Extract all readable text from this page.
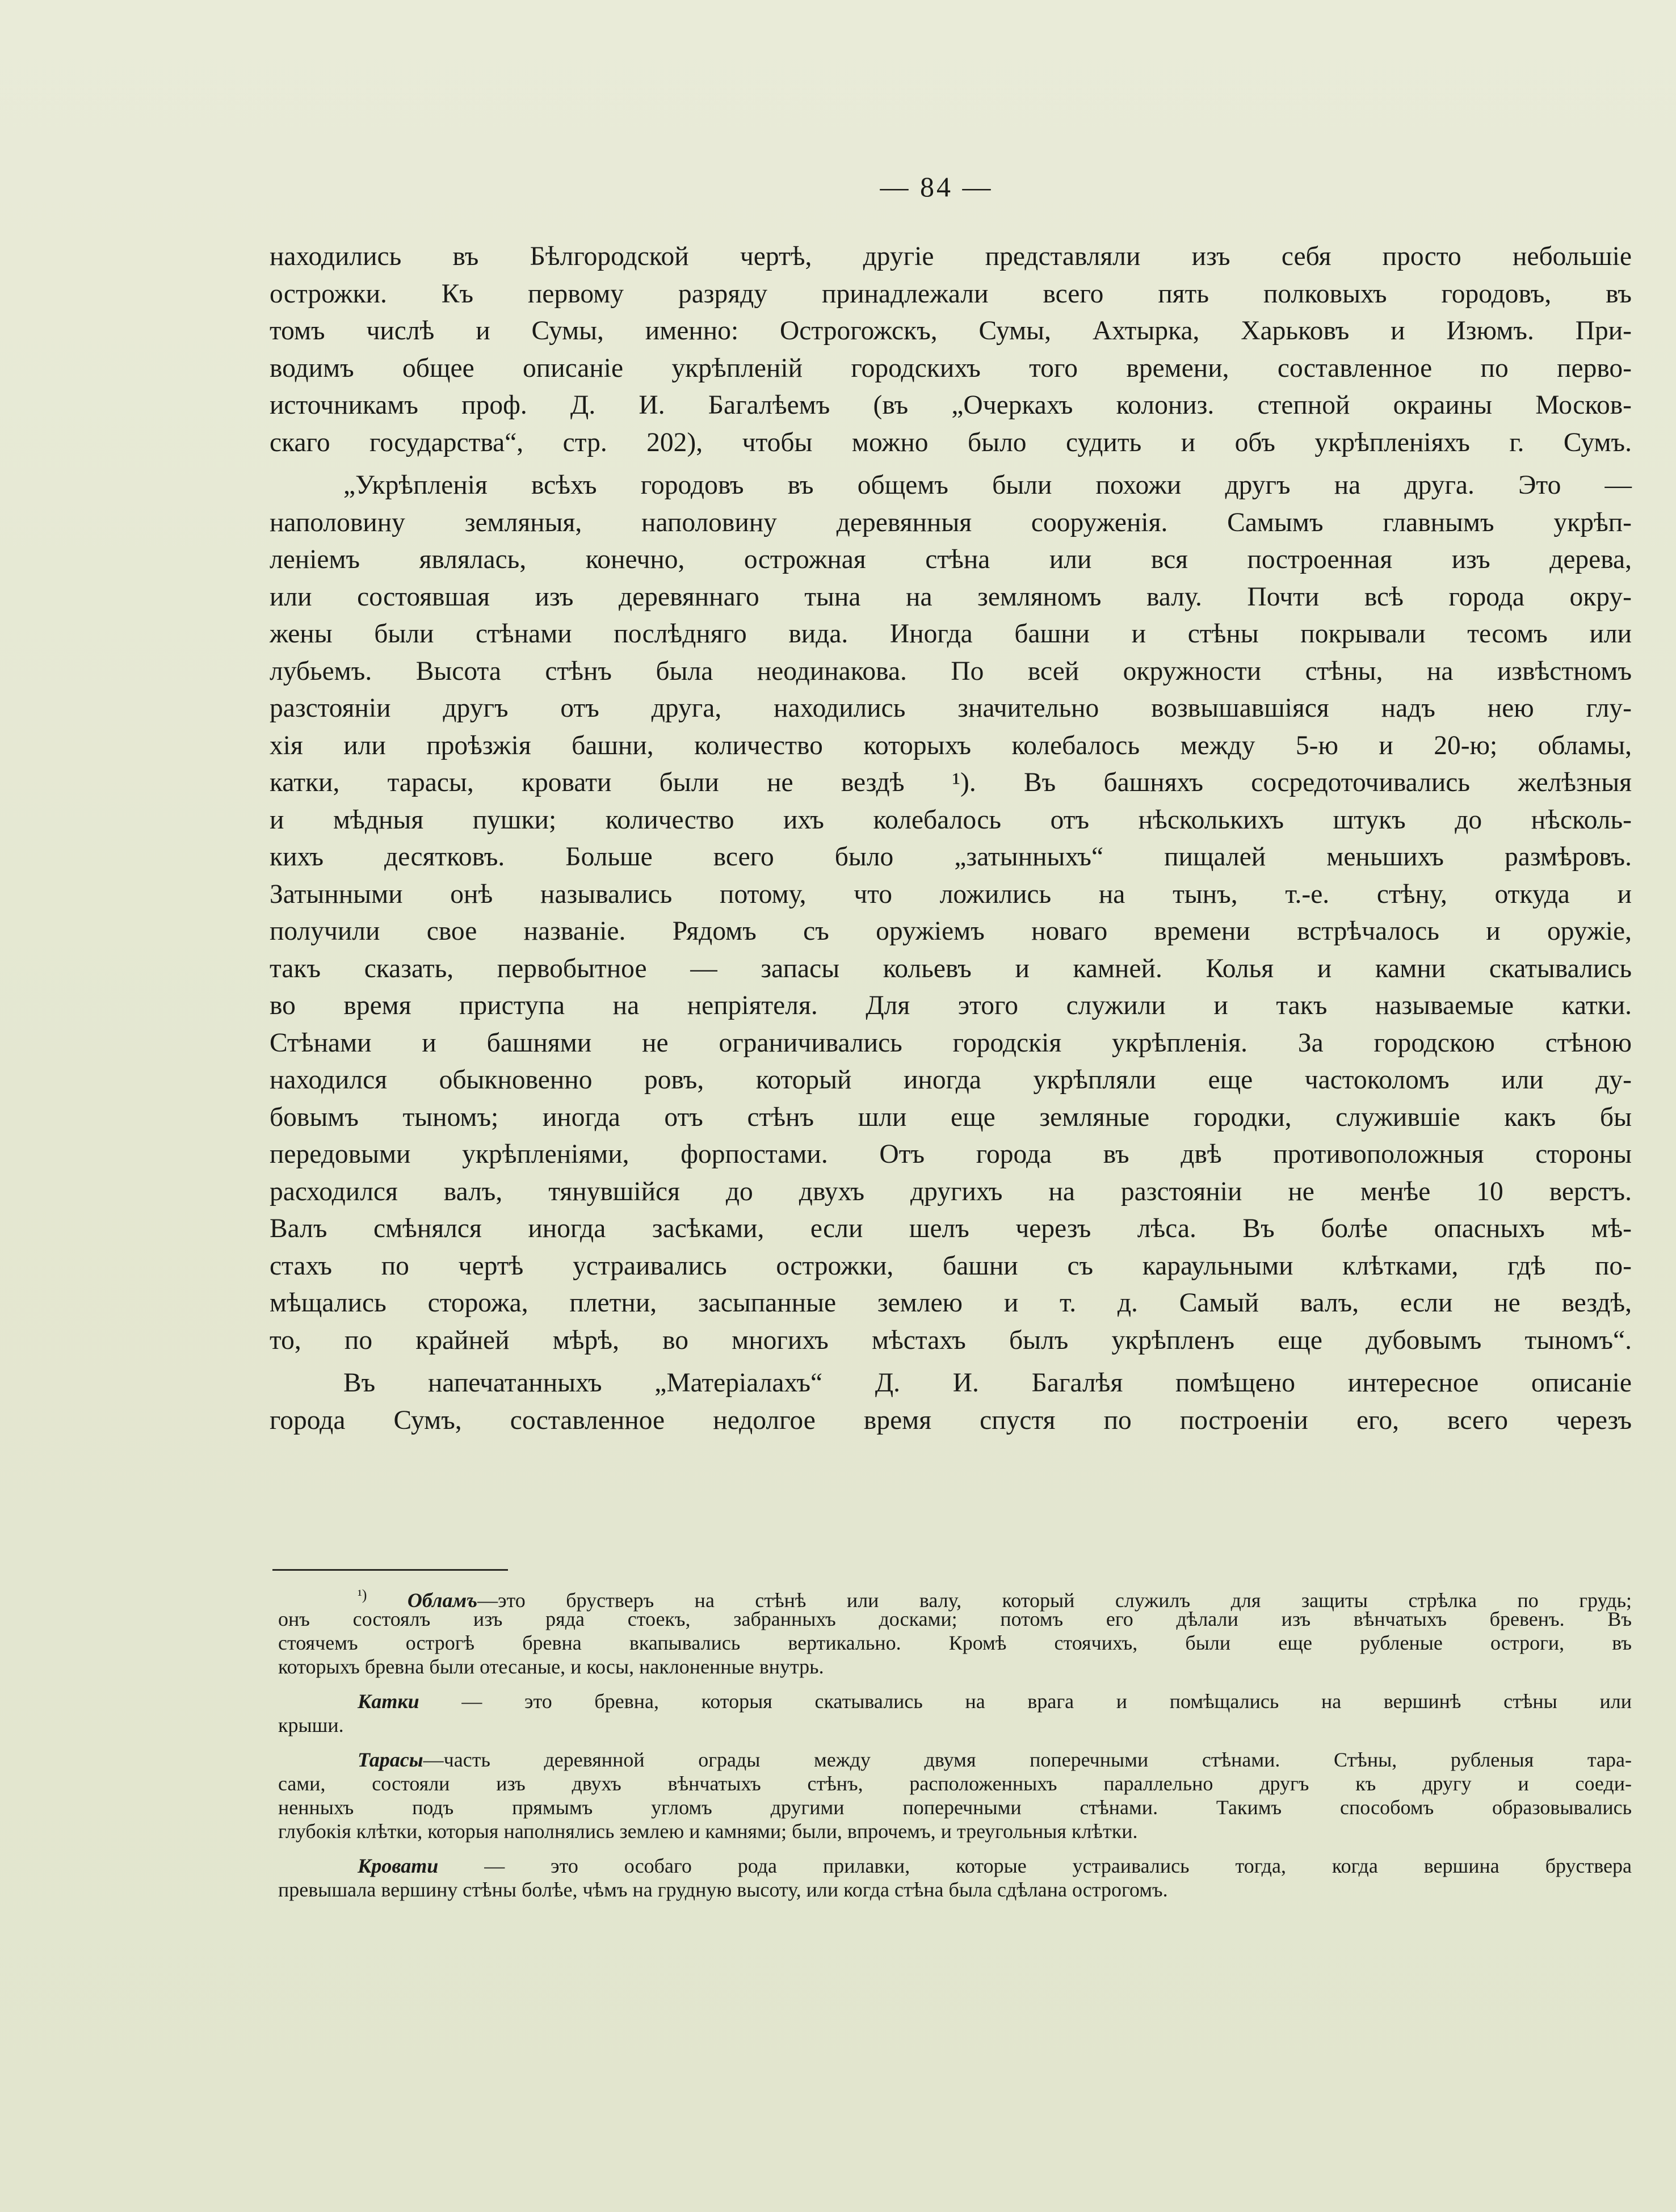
— 84 —
находились въ Бѣлгородской чертѣ, другіе представляли изъ себя просто небольшіе
острожки. Къ первому разряду принадлежали всего пять полковыхъ городовъ, въ
томъ числѣ и Сумы, именно: Острогожскъ, Сумы, Ахтырка, Харьковъ и Изюмъ. При-
водимъ общее описаніе укрѣпленій городскихъ того времени, составленное по перво-
источникамъ проф. Д. И. Багалѣемъ (въ „Очеркахъ колониз. степной окраины Москов-
скаго государства“, стр. 202), чтобы можно было судить и объ укрѣпленіяхъ г. Сумъ.
„Укрѣпленія всѣхъ городовъ въ общемъ были похожи другъ на друга. Это —
наполовину земляныя, наполовину деревянныя сооруженія. Самымъ главнымъ укрѣп-
леніемъ являлась, конечно, острожная стѣна или вся построенная изъ дерева,
или состоявшая изъ деревяннаго тына на земляномъ валу. Почти всѣ города окру-
жены были стѣнами послѣдняго вида. Иногда башни и стѣны покрывали тесомъ или
лубьемъ. Высота стѣнъ была неодинакова. По всей окружности стѣны, на извѣстномъ
разстояніи другъ отъ друга, находились значительно возвышавшіяся надъ нею глу-
хія или проѣзжія башни, количество которыхъ колебалось между 5-ю и 20-ю; обламы,
катки, тарасы, кровати были не вездѣ ¹). Въ башняхъ сосредоточивались желѣзныя
и мѣдныя пушки; количество ихъ колебалось отъ нѣсколькихъ штукъ до нѣсколь-
кихъ десятковъ. Больше всего было „затынныхъ“ пищалей меньшихъ размѣровъ.
Затынными онѣ назывались потому, что ложились на тынъ, т.-е. стѣну, откуда и
получили свое названіе. Рядомъ съ оружіемъ новаго времени встрѣчалось и оружіе,
такъ сказать, первобытное — запасы кольевъ и камней. Колья и камни скатывались
во время приступа на непріятеля. Для этого служили и такъ называемые катки.
Стѣнами и башнями не ограничивались городскія укрѣпленія. За городскою стѣною
находился обыкновенно ровъ, который иногда укрѣпляли еще частоколомъ или ду-
бовымъ тыномъ; иногда отъ стѣнъ шли еще земляные городки, служившіе какъ бы
передовыми укрѣпленіями, форпостами. Отъ города въ двѣ противоположныя стороны
расходился валъ, тянувшійся до двухъ другихъ на разстояніи не менѣе 10 верстъ.
Валъ смѣнялся иногда засѣками, если шелъ черезъ лѣса. Въ болѣе опасныхъ мѣ-
стахъ по чертѣ устраивались острожки, башни съ караульными клѣтками, гдѣ по-
мѣщались сторожа, плетни, засыпанные землею и т. д. Самый валъ, если не вездѣ,
то, по крайней мѣрѣ, во многихъ мѣстахъ былъ укрѣпленъ еще дубовымъ тыномъ“.
Въ напечатанныхъ „Матеріалахъ“ Д. И. Багалѣя помѣщено интересное описаніе
города Сумъ, составленное недолгое время спустя по построеніи его, всего черезъ
$^{^1)}$ Обламъ—это брустверъ на стѣнѣ или валу, который служилъ для защиты стрѣлка по грудь;
онъ состоялъ изъ ряда стоекъ, забранныхъ досками; потомъ его дѣлали изъ вѣнчатыхъ бревенъ. Въ
стоячемъ острогѣ бревна вкапывались вертикально. Кромѣ стоячихъ, были еще рубленые остроги, въ
которыхъ бревна были отесаные, и косы, наклоненные внутрь.
Катки — это бревна, которыя скатывались на врага и помѣщались на вершинѣ стѣны или
крыши.
Тарасы—часть деревянной ограды между двумя поперечными стѣнами. Стѣны, рубленыя тара-
сами, состояли изъ двухъ вѣнчатыхъ стѣнъ, расположенныхъ параллельно другъ къ другу и соеди-
ненныхъ подъ прямымъ угломъ другими поперечными стѣнами. Такимъ способомъ образовывались
глубокія клѣтки, которыя наполнялись землею и камнями; были, впрочемъ, и треугольныя клѣтки.
Кровати — это особаго рода прилавки, которые устраивались тогда, когда вершина бруствера
превышала вершину стѣны болѣе, чѣмъ на грудную высоту, или когда стѣна была сдѣлана острогомъ.
